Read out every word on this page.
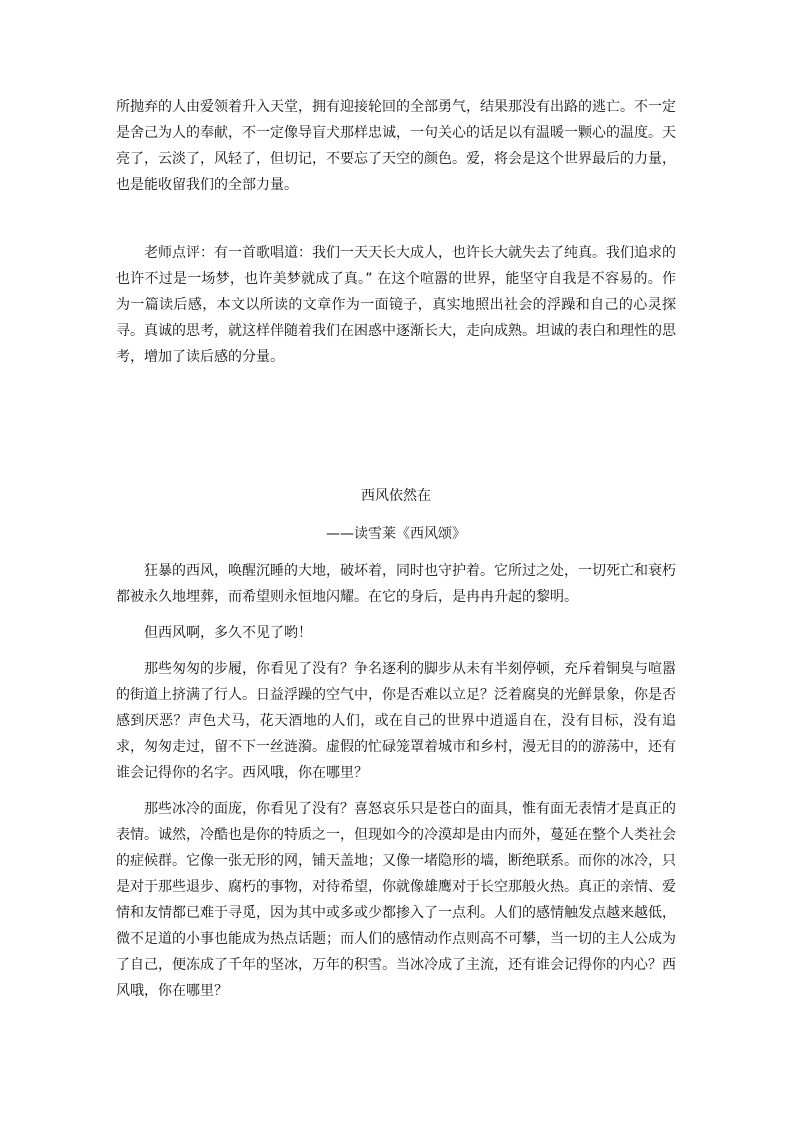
所抛弃的人由爱领着升入天堂，拥有迎接轮回的全部勇气，结果那没有出路的逃亡。不一定是舍己为人的奉献，不一定像导盲犬那样忠诚，一句关心的话足以有温暖一颗心的温度。天亮了，云淡了，风轻了，但切记，不要忘了天空的颜色。爱，将会是这个世界最后的力量，也是能收留我们的全部力量。

老师点评：有一首歌唱道：我们一天天长大成人，也许长大就失去了纯真。我们追求的也许不过是一场梦，也许美梦就成了真。” 在这个喧嚣的世界，能坚守自我是不容易的。作为一篇读后感，本文以所读的文章作为一面镜子，真实地照出社会的浮躁和自己的心灵探寻。真诚的思考，就这样伴随着我们在困惑中逐渐长大，走向成熟。坦诚的表白和理性的思考，增加了读后感的分量。

西风依然在

——读雪莱《西风颂》

狂暴的西风，唤醒沉睡的大地，破坏着，同时也守护着。它所过之处，一切死亡和衰朽都被永久地埋葬，而希望则永恒地闪耀。在它的身后，是冉冉升起的黎明。

但西风啊，多久不见了哟！

那些匆匆的步履，你看见了没有？争名逐利的脚步从未有半刻停顿，充斥着铜臭与喧嚣的街道上挤满了行人。日益浮躁的空气中，你是否难以立足？泛着腐臭的光鲜景象，你是否感到厌恶？声色犬马，花天酒地的人们，或在自己的世界中逍遥自在，没有目标，没有追求，匆匆走过，留不下一丝涟漪。虚假的忙碌笼罩着城市和乡村，漫无目的的游荡中，还有谁会记得你的名字。西风哦，你在哪里？

那些冰冷的面庞，你看见了没有？喜怒哀乐只是苍白的面具，惟有面无表情才是真正的表情。诚然，冷酷也是你的特质之一，但现如今的冷漠却是由内而外，蔓延在整个人类社会的症候群。它像一张无形的网，铺天盖地；又像一堵隐形的墙，断绝联系。而你的冰冷，只是对于那些退步、腐朽的事物，对待希望，你就像雄鹰对于长空那般火热。真正的亲情、爱情和友情都已难于寻觅，因为其中或多或少都掺入了一点利。人们的感情触发点越来越低，微不足道的小事也能成为热点话题；而人们的感情动作点则高不可攀，当一切的主人公成为了自己，便冻成了千年的坚冰，万年的积雪。当冰冷成了主流，还有谁会记得你的内心？西风哦，你在哪里？
